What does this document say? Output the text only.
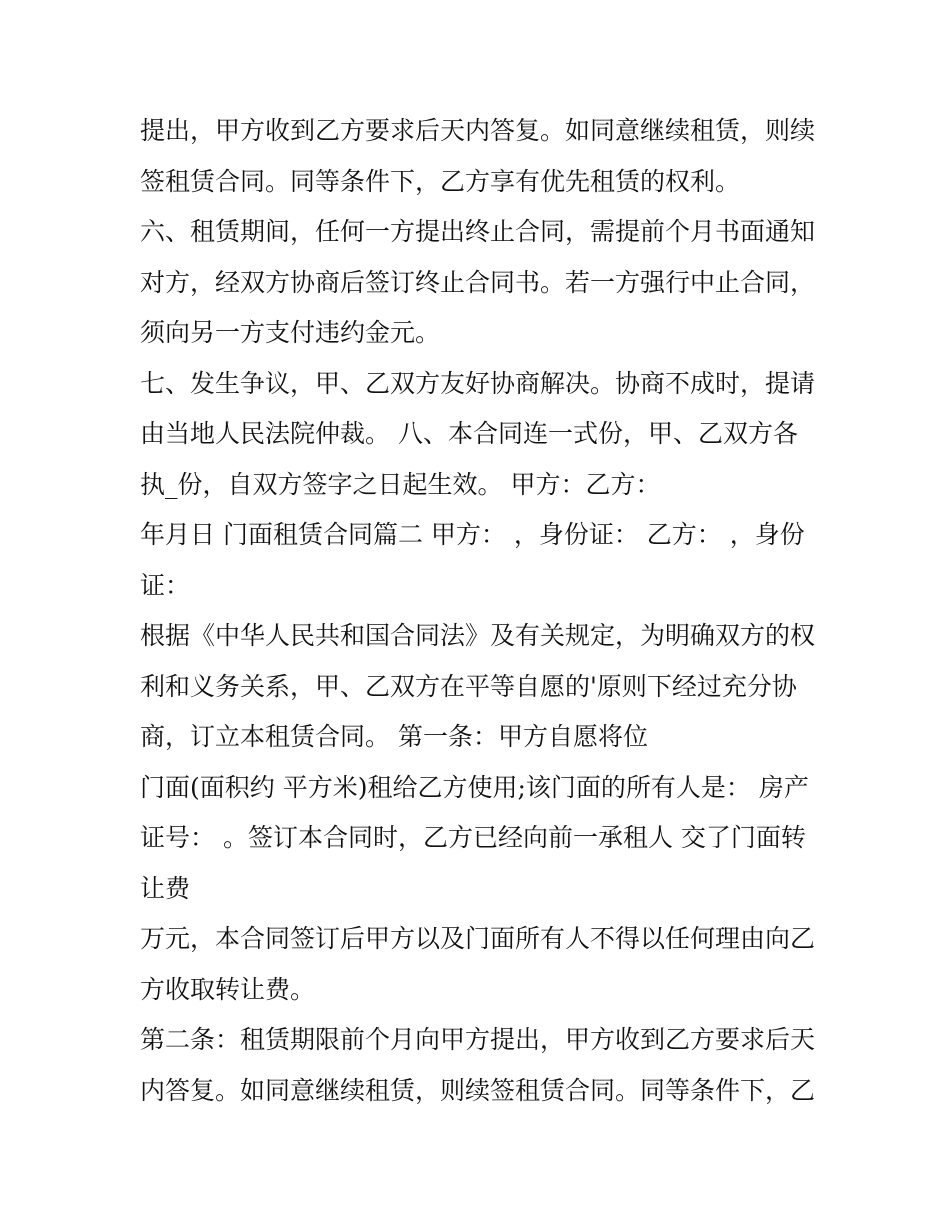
提出，甲方收到乙方要求后天内答复。如同意继续租赁，则续
签租赁合同。同等条件下，乙方享有优先租赁的权利。
六、租赁期间，任何一方提出终止合同，需提前个月书面通知
对方，经双方协商后签订终止合同书。若一方强行中止合同，
须向另一方支付违约金元。
七、发生争议，甲、乙双方友好协商解决。协商不成时，提请
由当地人民法院仲裁。 八、本合同连一式份，甲、乙双方各
执_份，自双方签字之日起生效。 甲方：乙方：
年月日 门面租赁合同篇二 甲方： ，身份证： 乙方： ，身份
证：
根据《中华人民共和国合同法》及有关规定，为明确双方的权
利和义务关系，甲、乙双方在平等自愿的'原则下经过充分协
商，订立本租赁合同。 第一条：甲方自愿将位
门面(面积约 平方米)租给乙方使用;该门面的所有人是： 房产
证号： 。签订本合同时，乙方已经向前一承租人 交了门面转
让费
万元，本合同签订后甲方以及门面所有人不得以任何理由向乙
方收取转让费。
第二条：租赁期限前个月向甲方提出，甲方收到乙方要求后天
内答复。如同意继续租赁，则续签租赁合同。同等条件下，乙
